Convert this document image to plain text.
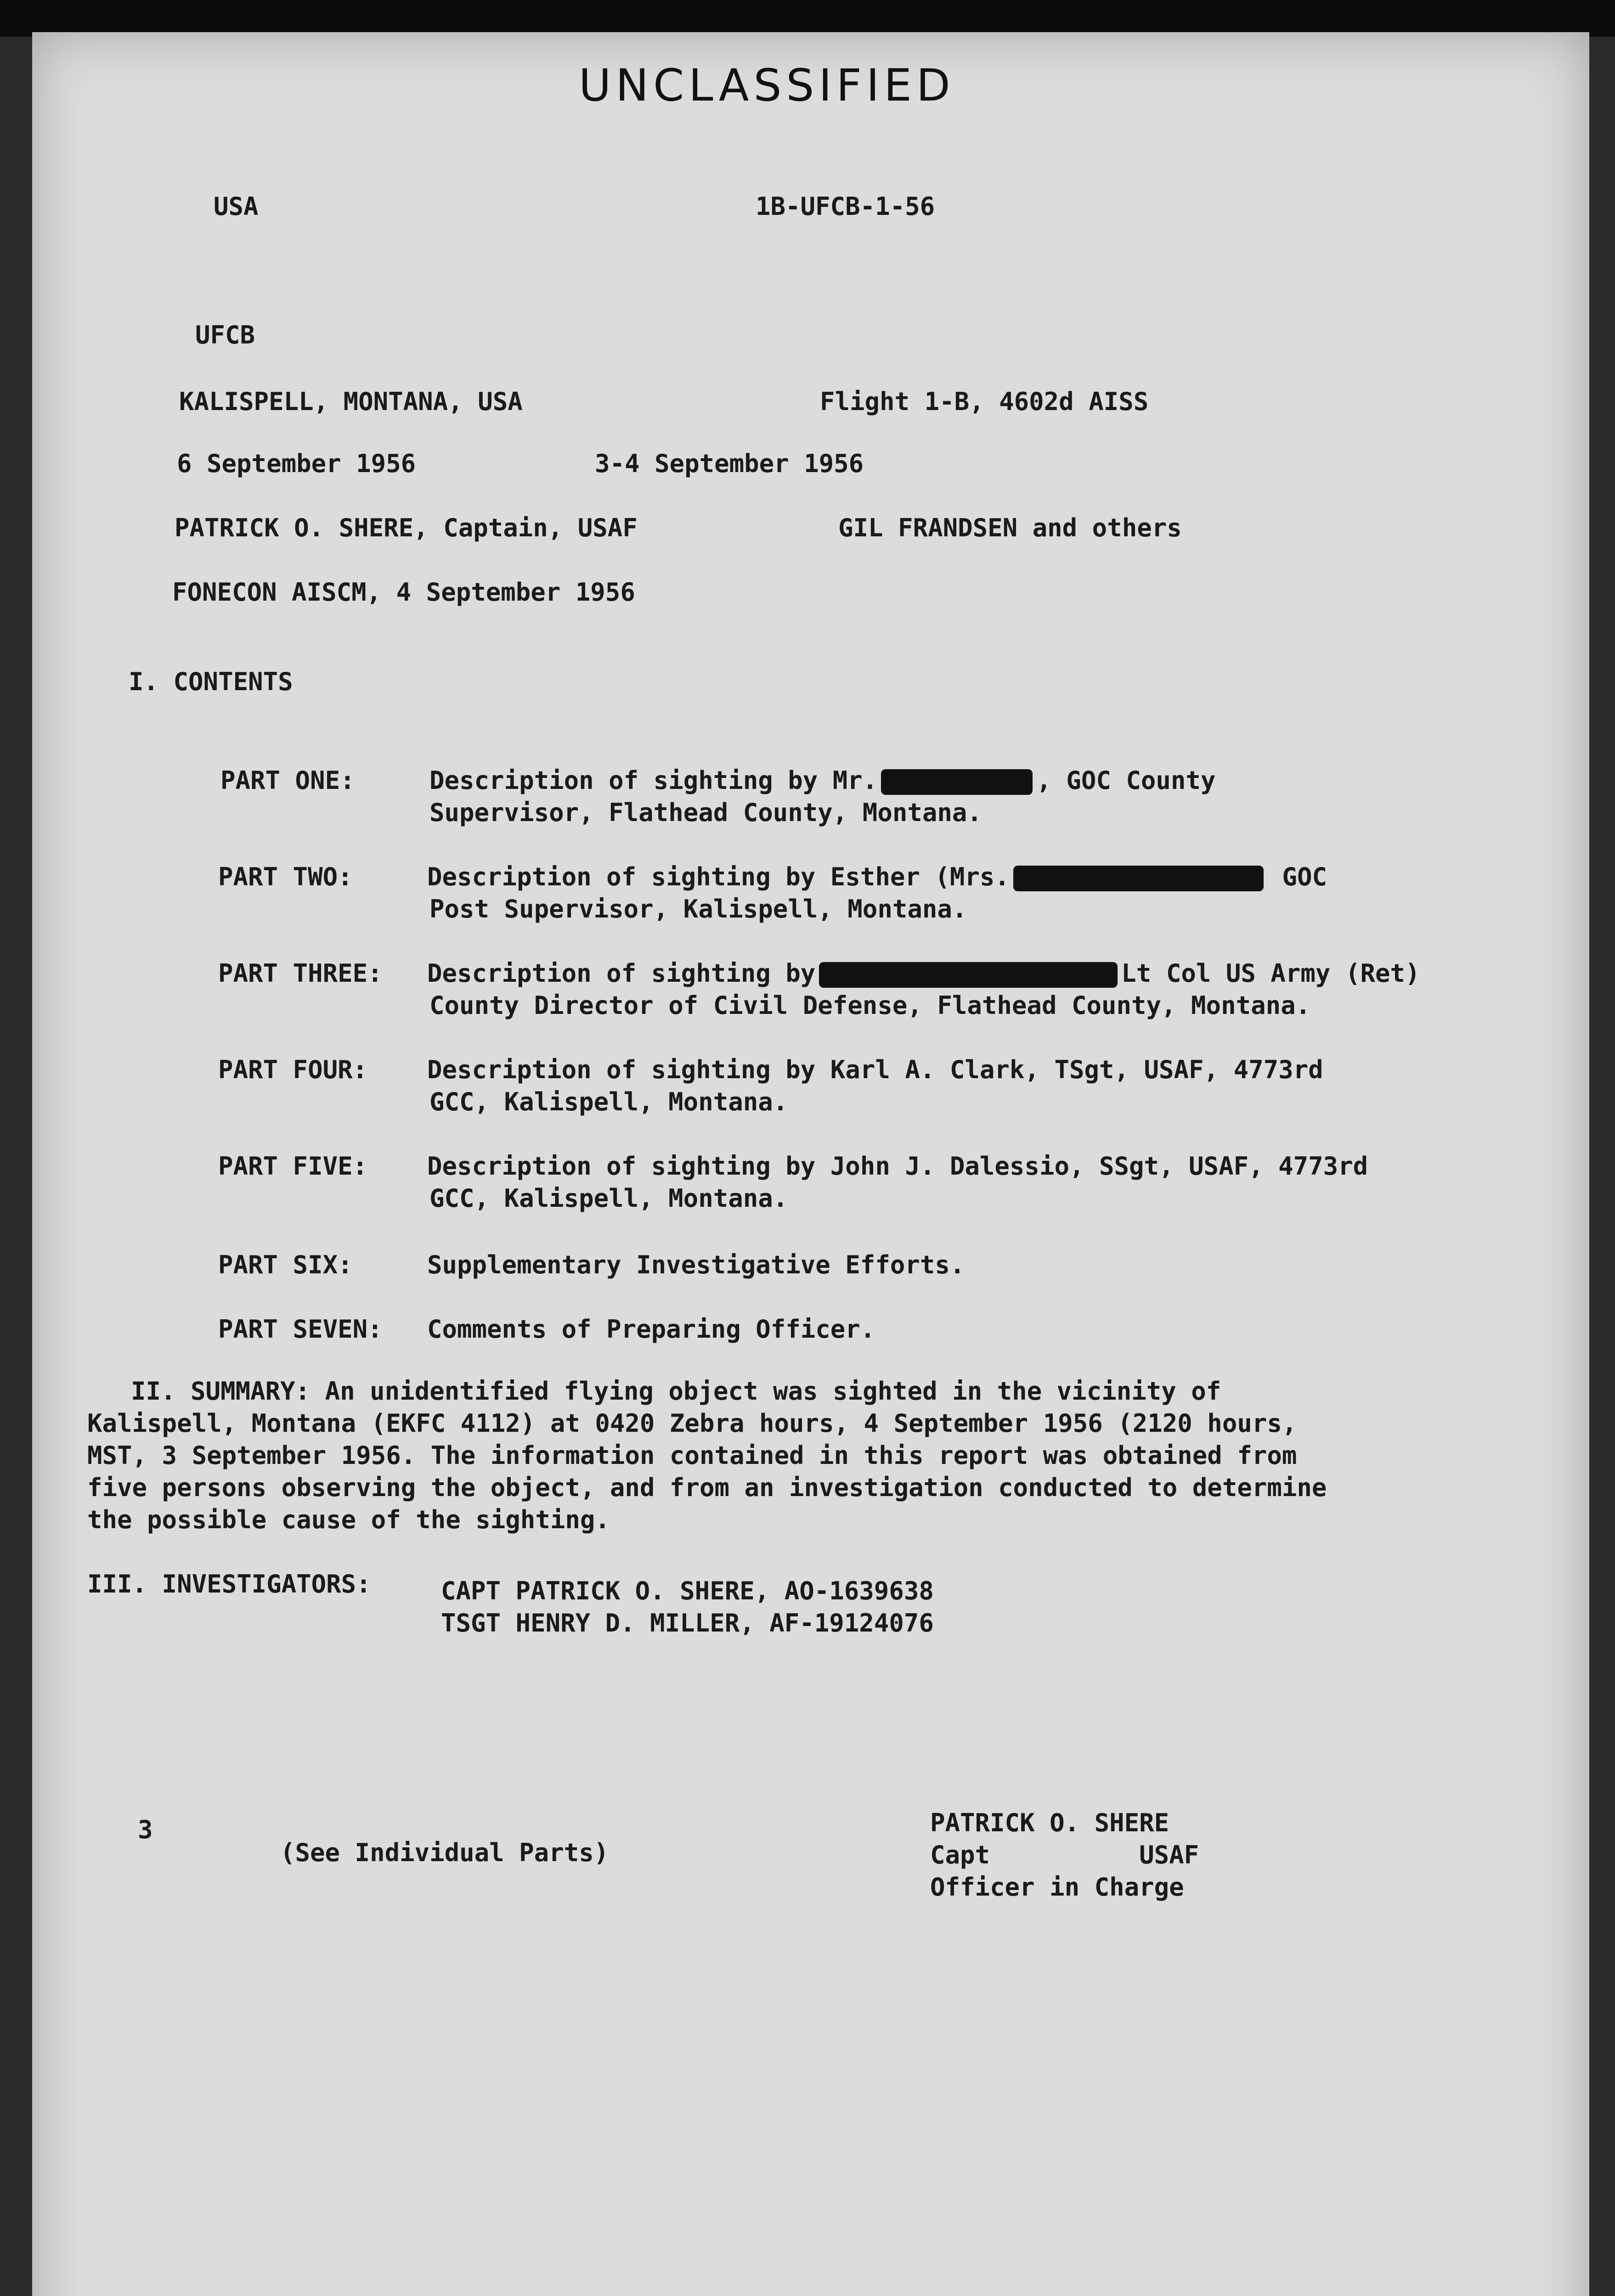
UNCLASSIFIED
USA	1B-UFCB-1-56
UFCB
KALISPELL, MONTANA, USA	Flight 1-B, 4602d AISS
6 September 1956	3-4 September 1956
PATRICK O. SHERE, Captain, USAF	GIL FRANDSEN and others
FONECON AISCM, 4 September 1956
I. CONTENTS
PART ONE:	Description of sighting by Mr.	, GOC County
Supervisor, Flathead County, Montana.
PART TWO:	Description of sighting by Esther (Mrs.	GOC
Post Supervisor, Kalispell, Montana.
PART THREE: Description of sighting by	Lt Col US Army (Ret)
County Director of Civil Defense, Flathead County, Montana.
PART FOUR: Description of sighting by Karl A. Clark, TSgt, USAF, 4773rd
GCC, Kalispell, Montana.
PART FIVE: Description of sighting by John J. Dalessio, SSgt, USAF, 4773rd
GCC, Kalispell, Montana.
PART SIX:	Supplementary Investigative Efforts.
PART SEVEN: Comments of Preparing Officer.
II. SUMMARY: An unidentified flying object was sighted in the vicinity of
Kalispell, Montana (EKFC 4112) at 0420 Zebra hours, 4 September 1956 (2120 hours,
MST, 3 September 1956. The information contained in this report was obtained from
five persons observing the object, and from an investigation conducted to determine
the possible cause of the sighting.
III. INVESTIGATORS:	CAPT PATRICK O. SHERE, AO-1639638
TSGT HENRY D. MILLER, AF-19124076
3
(See Individual Parts)
PATRICK O. SHERE
Capt          USAF
Officer in Charge
